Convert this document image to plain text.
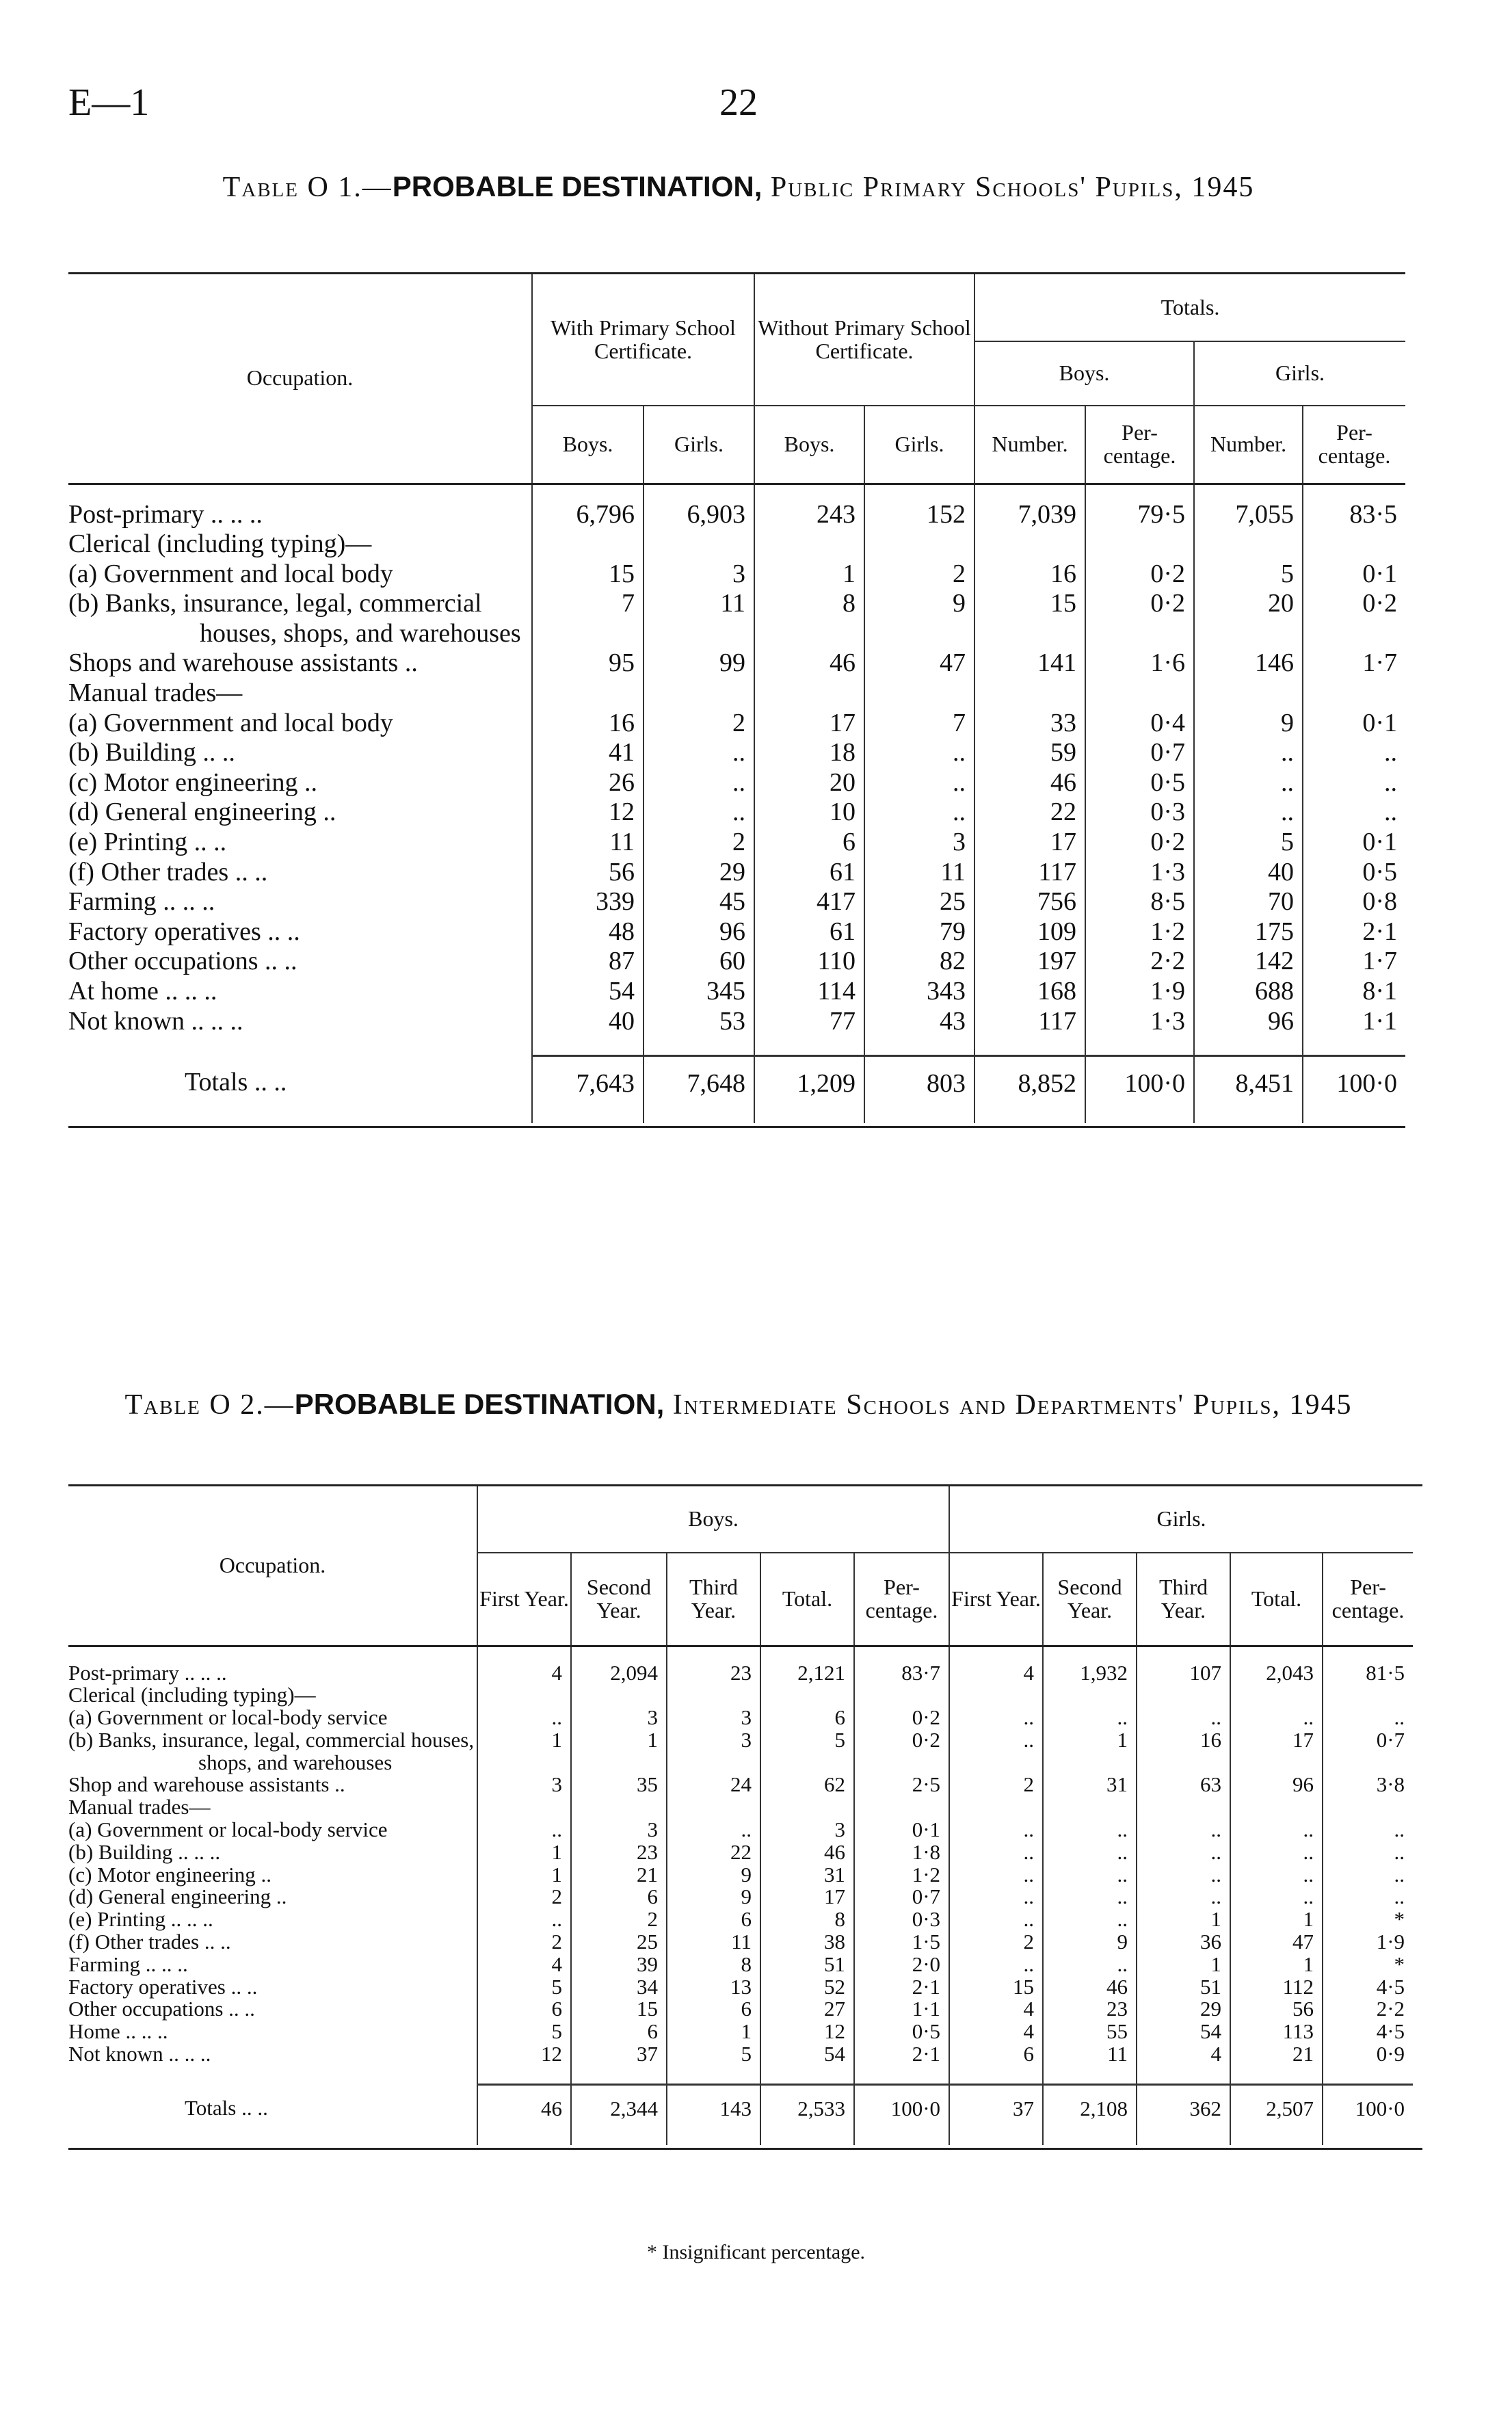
E—1	22
Table O 1.—PROBABLE DESTINATION, Public Primary Schools' Pupils, 1945
Occupation.	With Primary School Certificate.		Without Primary School Certificate.		Totals.			
					Boys.		Girls.	
	Boys.	Girls.	Boys.	Girls.	Number.	Per-centage.	Number.	Per-centage.

Post-primary .. .. ..	6,796	6,903	243	152	7,039	79·5	7,055	83·5
Clerical (including typing)—								
(a) Government and local body	15	3	1	2	16	0·2	5	0·1
(b) Banks, insurance, legal, commercial houses, shops, and warehouses	7	11	8	9	15	0·2	20	0·2
Shops and warehouse assistants ..	95	99	46	47	141	1·6	146	1·7
Manual trades—								
(a) Government and local body	16	2	17	7	33	0·4	9	0·1
(b) Building .. ..	41	..	18	..	59	0·7	..	..
(c) Motor engineering ..	26	..	20	..	46	0·5	..	..
(d) General engineering ..	12	..	10	..	22	0·3	..	..
(e) Printing .. ..	11	2	6	3	17	0·2	5	0·1
(f) Other trades .. ..	56	29	61	11	117	1·3	40	0·5
Farming .. .. ..	339	45	417	25	756	8·5	70	0·8
Factory operatives .. ..	48	96	61	79	109	1·2	175	2·1
Other occupations .. ..	87	60	110	82	197	2·2	142	1·7
At home .. .. ..	54	345	114	343	168	1·9	688	8·1
Not known .. .. ..	40	53	77	43	117	1·3	96	1·1

Totals .. ..	7,643	7,648	1,209	803	8,852	100·0	8,451	100·0
Table O 2.—PROBABLE DESTINATION, Intermediate Schools and Departments' Pupils, 1945
Occupation.	Boys.					Girls.				
	First Year.	Second Year.	Third Year.	Total.	Per-centage.	First Year.	Second Year.	Third Year.	Total.	Per-centage.

Post-primary .. .. ..	4	2,094	23	2,121	83·7	4	1,932	107	2,043	81·5
Clerical (including typing)—										
(a) Government or local-body service	..	3	3	6	0·2	..	..	..	..	..
(b) Banks, insurance, legal, commercial houses, shops, and warehouses	1	1	3	5	0·2	..	1	16	17	0·7
Shop and warehouse assistants ..	3	35	24	62	2·5	2	31	63	96	3·8
Manual trades—										
(a) Government or local-body service	..	3	..	3	0·1	..	..	..	..	..
(b) Building .. .. ..	1	23	22	46	1·8	..	..	..	..	..
(c) Motor engineering ..	1	21	9	31	1·2	..	..	..	..	..
(d) General engineering ..	2	6	9	17	0·7	..	..	..	..	..
(e) Printing .. .. ..	..	2	6	8	0·3	..	..	1	1	*
(f) Other trades .. ..	2	25	11	38	1·5	2	9	36	47	1·9
Farming .. .. ..	4	39	8	51	2·0	..	..	1	1	*
Factory operatives .. ..	5	34	13	52	2·1	15	46	51	112	4·5
Other occupations .. ..	6	15	6	27	1·1	4	23	29	56	2·2
Home .. .. ..	5	6	1	12	0·5	4	55	54	113	4·5
Not known .. .. ..	12	37	5	54	2·1	6	11	4	21	0·9

Totals .. ..	46	2,344	143	2,533	100·0	37	2,108	362	2,507	100·0
* Insignificant percentage.
